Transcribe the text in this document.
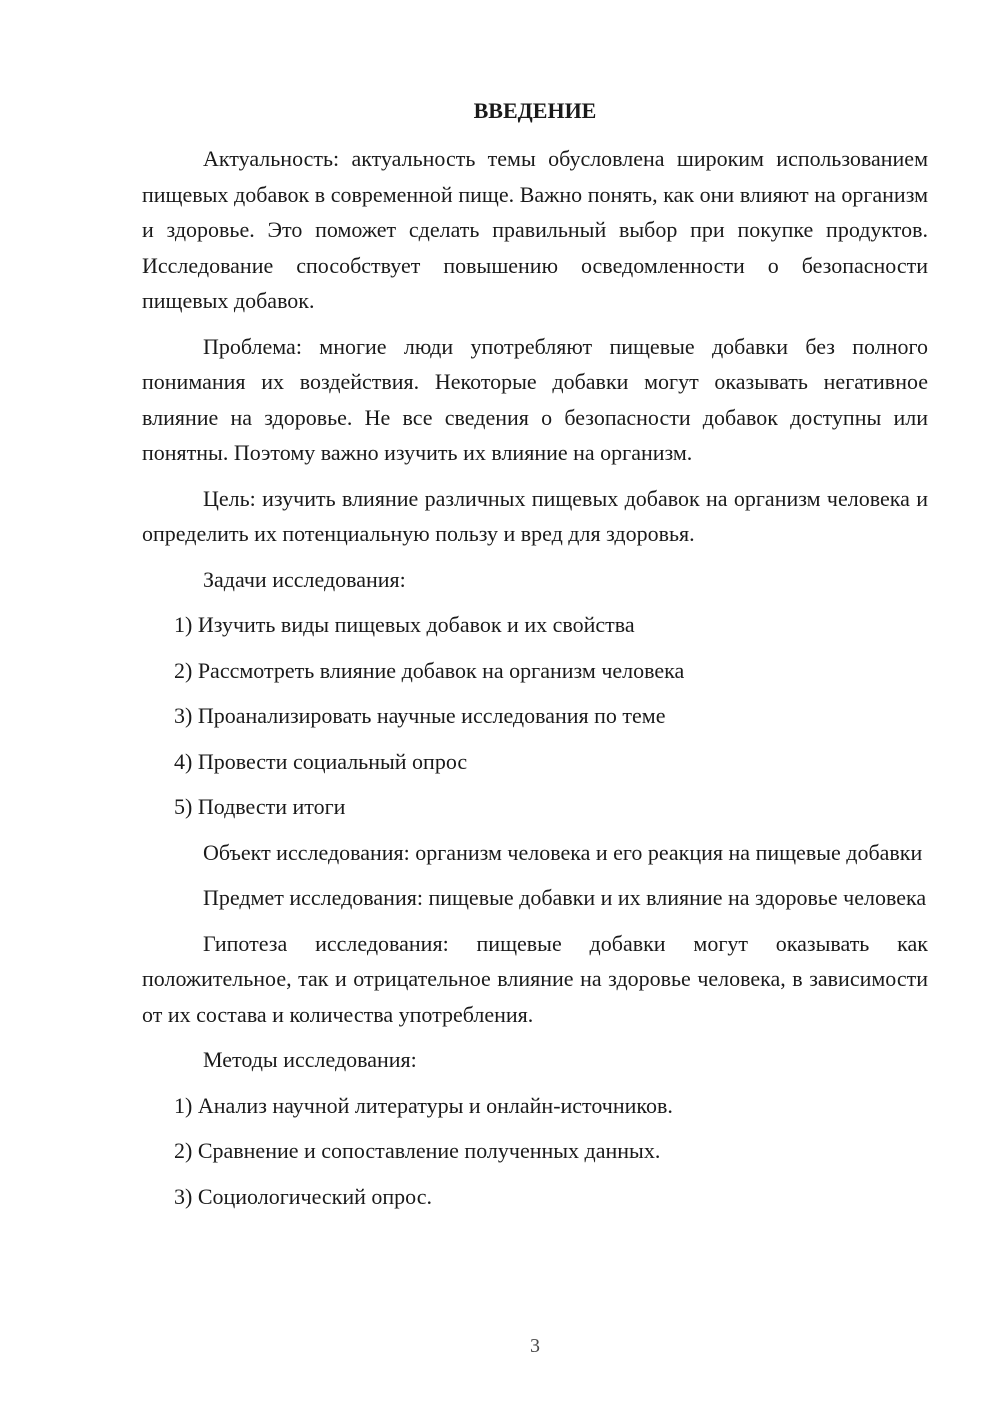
ВВЕДЕНИЕ

Актуальность: актуальность темы обусловлена широким использованием пищевых добавок в современной пище. Важно понять, как они влияют на организм и здоровье. Это поможет сделать правильный выбор при покупке продуктов. Исследование способствует повышению осведомленности о безопасности пищевых добавок.

Проблема: многие люди употребляют пищевые добавки без полного понимания их воздействия. Некоторые добавки могут оказывать негативное влияние на здоровье. Не все сведения о безопасности добавок доступны или понятны. Поэтому важно изучить их влияние на организм.

Цель: изучить влияние различных пищевых добавок на организм человека и определить их потенциальную пользу и вред для здоровья.

Задачи исследования:

1) Изучить виды пищевых добавок и их свойства

2) Рассмотреть влияние добавок на организм человека

3) Проанализировать научные исследования по теме

4) Провести социальный опрос

5) Подвести итоги

Объект исследования: организм человека и его реакция на пищевые добавки

Предмет исследования: пищевые добавки и их влияние на здоровье человека

Гипотеза исследования: пищевые добавки могут оказывать как положительное, так и отрицательное влияние на здоровье человека, в зависимости от их состава и количества употребления.

Методы исследования:

1) Анализ научной литературы и онлайн-источников.

2) Сравнение и сопоставление полученных данных.

3) Социологический опрос.

3
